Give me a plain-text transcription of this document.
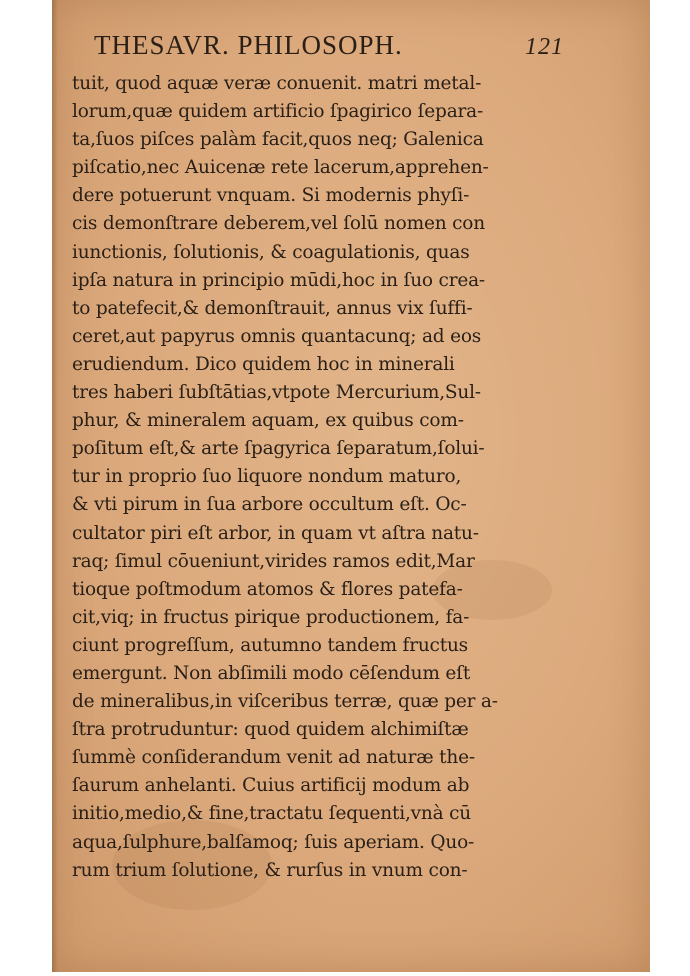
THESAVR. PHILOSOPH.	121
tuit, quod aquæ veræ conuenit. matri metal-
lorum,quæ quidem artificio ſpagirico ſepara-
ta,ſuos piſces palàm facit,quos neq; Galenica
piſcatio,nec Auicenæ rete lacerum,apprehen-
dere potuerunt vnquam. Si modernis phyſi-
cis demonſtrare deberem,vel ſolū nomen con
iunctionis, ſolutionis, & coagulationis, quas
ipſa natura in principio mūdi,hoc in ſuo crea-
to patefecit,& demonſtrauit, annus vix ſuffi-
ceret,aut papyrus omnis quantacunq; ad eos
erudiendum. Dico quidem hoc in minerali
tres haberi ſubſtātias,vtpote Mercurium,Sul-
phur, & mineralem aquam, ex quibus com-
poſitum eſt,& arte ſpagyrica ſeparatum,ſolui-
tur in proprio ſuo liquore nondum maturo,
& vti pirum in ſua arbore occultum eſt. Oc-
cultator piri eſt arbor, in quam vt aſtra natu-
raq; ſimul cōueniunt,virides ramos edit,Mar
tioque poſtmodum atomos & flores patefa-
cit,viq; in fructus pirique productionem, fa-
ciunt progreſſum, autumno tandem fructus
emergunt. Non abſimili modo cēſendum eſt
de mineralibus,in viſceribus terræ, quæ per a-
ſtra protruduntur: quod quidem alchimiſtæ
ſummè conſiderandum venit ad naturæ the-
ſaurum anhelanti. Cuius artificij modum ab
initio,medio,& fine,tractatu ſequenti,vnà cū
aqua,ſulphure,balſamoq; ſuis aperiam. Quo-
rum trium ſolutione, & rurſus in vnum con-
